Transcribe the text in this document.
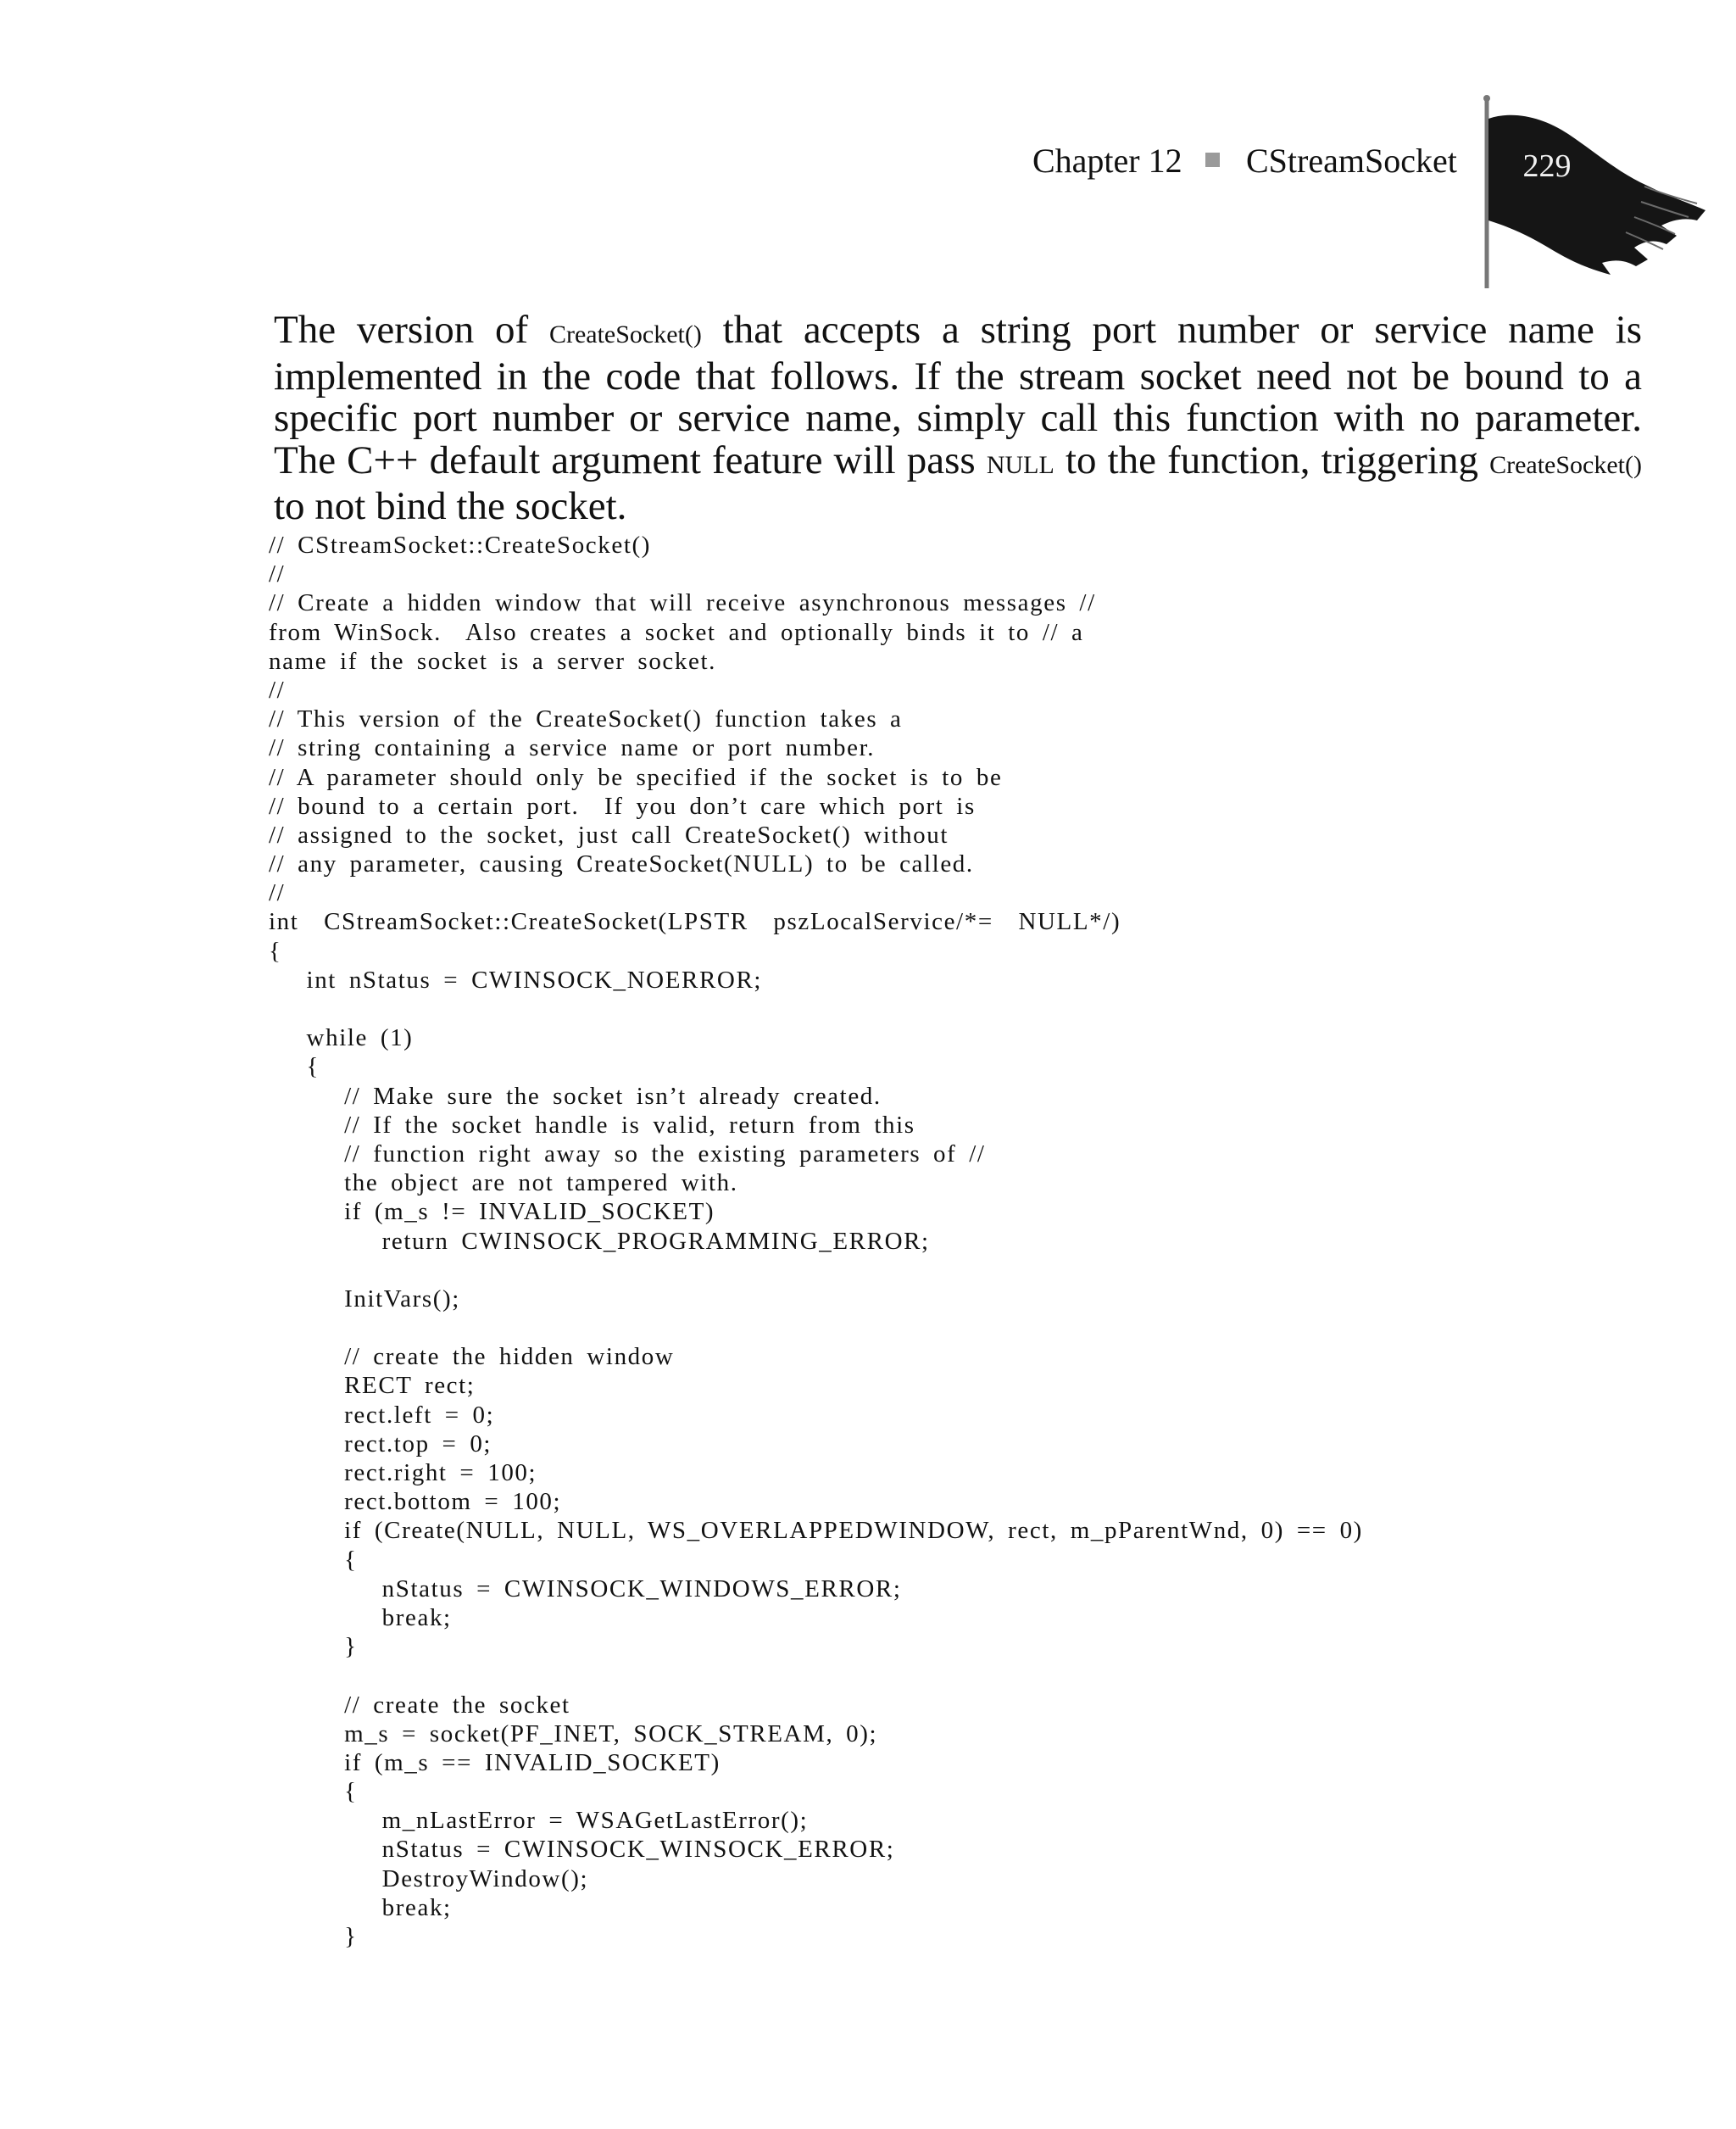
Chapter 12 CStreamSocket	229

The version of CreateSocket() that accepts a string port number or service name is implemented in the code that follows. If the stream socket need not be bound to a specific port number or service name, simply call this function with no parameter. The C++ default argument feature will pass NULL to the function, triggering CreateSocket() to not bind the socket.

// CStreamSocket::CreateSocket()
//
// Create a hidden window that will receive asynchronous messages //
from WinSock.  Also creates a socket and optionally binds it to // a
name if the socket is a server socket.
//
// This version of the CreateSocket() function takes a
// string containing a service name or port number.
// A parameter should only be specified if the socket is to be
// bound to a certain port.  If you don’t care which port is
// assigned to the socket, just call CreateSocket() without
// any parameter, causing CreateSocket(NULL) to be called.
//
int  CStreamSocket::CreateSocket(LPSTR  pszLocalService/*=  NULL*/)
{
int nStatus = CWINSOCK_NOERROR;
while (1)
{
// Make sure the socket isn’t already created.
// If the socket handle is valid, return from this
// function right away so the existing parameters of //
the object are not tampered with.
if (m_s != INVALID_SOCKET)
return CWINSOCK_PROGRAMMING_ERROR;
InitVars();
// create the hidden window
RECT rect;
rect.left = 0;
rect.top = 0;
rect.right = 100;
rect.bottom = 100;
if (Create(NULL, NULL, WS_OVERLAPPEDWINDOW, rect, m_pParentWnd, 0) == 0)
{
nStatus = CWINSOCK_WINDOWS_ERROR;
break;
}
// create the socket
m_s = socket(PF_INET, SOCK_STREAM, 0);
if (m_s == INVALID_SOCKET)
{
m_nLastError = WSAGetLastError();
nStatus = CWINSOCK_WINSOCK_ERROR;
DestroyWindow();
break;
}
